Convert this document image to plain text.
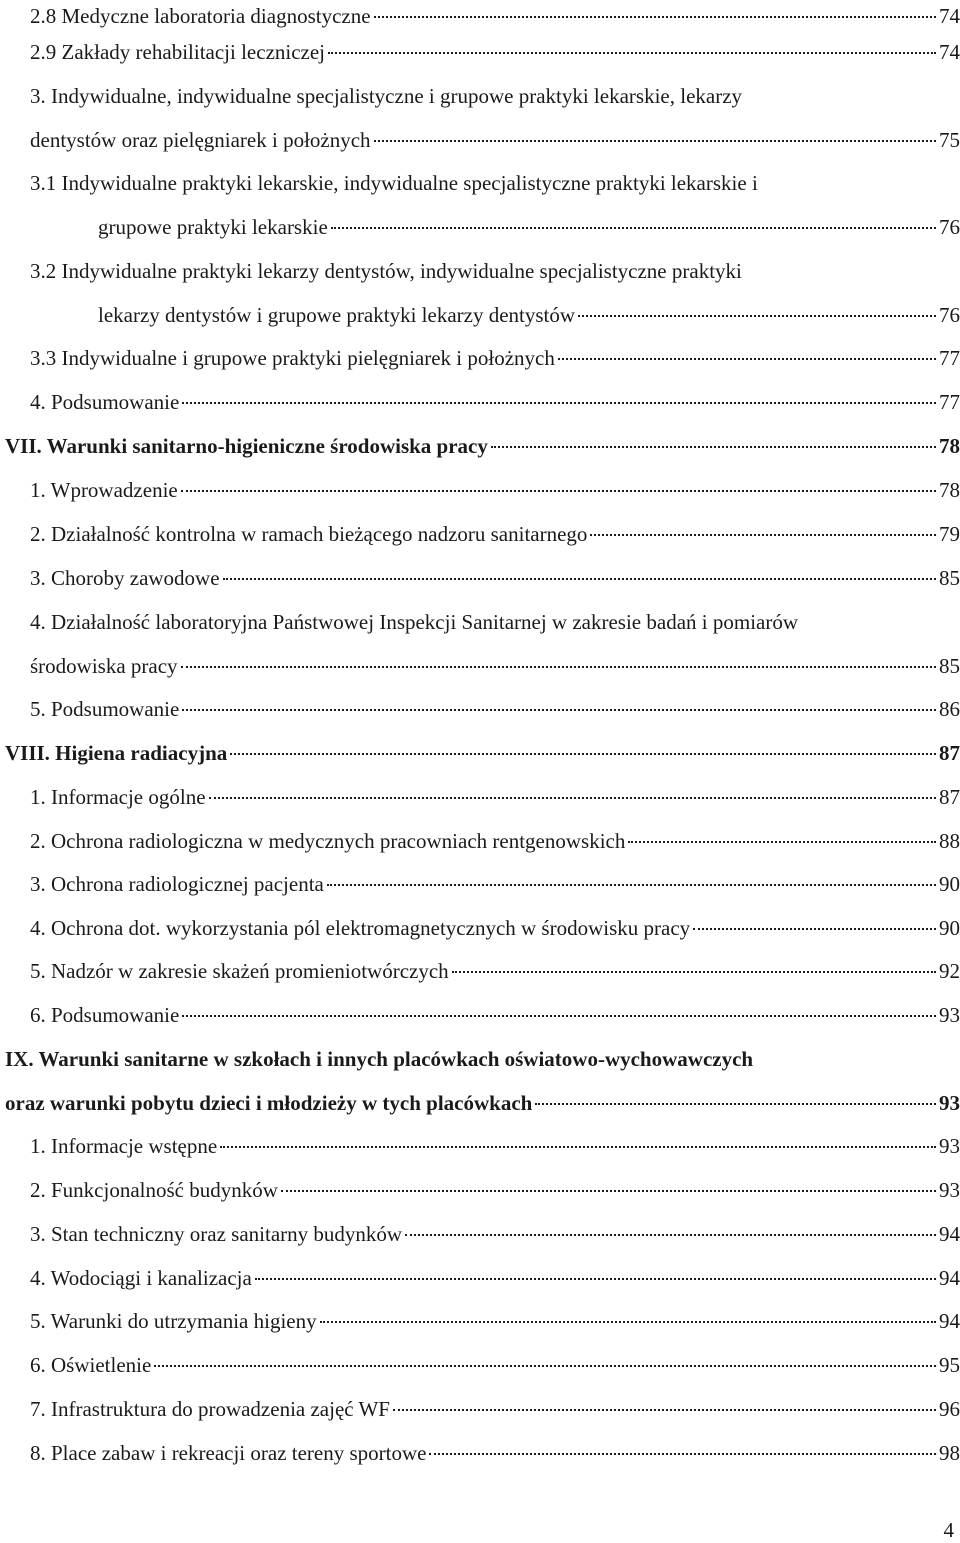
2.8 Medyczne laboratoria diagnostyczne	74
2.9 Zakłady rehabilitacji leczniczej	74
3. Indywidualne, indywidualne specjalistyczne i grupowe praktyki lekarskie, lekarzy
dentystów oraz pielęgniarek i położnych	75
3.1 Indywidualne praktyki lekarskie, indywidualne specjalistyczne praktyki lekarskie i
grupowe praktyki lekarskie	76
3.2 Indywidualne praktyki lekarzy dentystów, indywidualne specjalistyczne praktyki
lekarzy dentystów i grupowe praktyki lekarzy dentystów	76
3.3 Indywidualne i grupowe praktyki pielęgniarek i położnych	77
4. Podsumowanie	77
VII. Warunki sanitarno-higieniczne środowiska pracy	78
1. Wprowadzenie	78
2. Działalność kontrolna w ramach bieżącego nadzoru sanitarnego	79
3. Choroby zawodowe	85
4. Działalność laboratoryjna Państwowej Inspekcji Sanitarnej w zakresie badań i pomiarów
środowiska pracy	85
5. Podsumowanie	86
VIII. Higiena radiacyjna	87
1. Informacje ogólne	87
2. Ochrona radiologiczna w medycznych pracowniach rentgenowskich	88
3. Ochrona radiologicznej pacjenta	90
4. Ochrona dot. wykorzystania pól elektromagnetycznych w środowisku pracy	90
5. Nadzór w zakresie skażeń promieniotwórczych	92
6. Podsumowanie	93
IX. Warunki sanitarne w szkołach i innych placówkach oświatowo-wychowawczych
oraz warunki pobytu dzieci i młodzieży w tych placówkach	93
1. Informacje wstępne	93
2. Funkcjonalność budynków	93
3. Stan techniczny oraz sanitarny budynków	94
4. Wodociągi i kanalizacja	94
5. Warunki do utrzymania higieny	94
6. Oświetlenie	95
7. Infrastruktura do prowadzenia zajęć WF	96
8. Place zabaw i rekreacji oraz tereny sportowe	98
4
